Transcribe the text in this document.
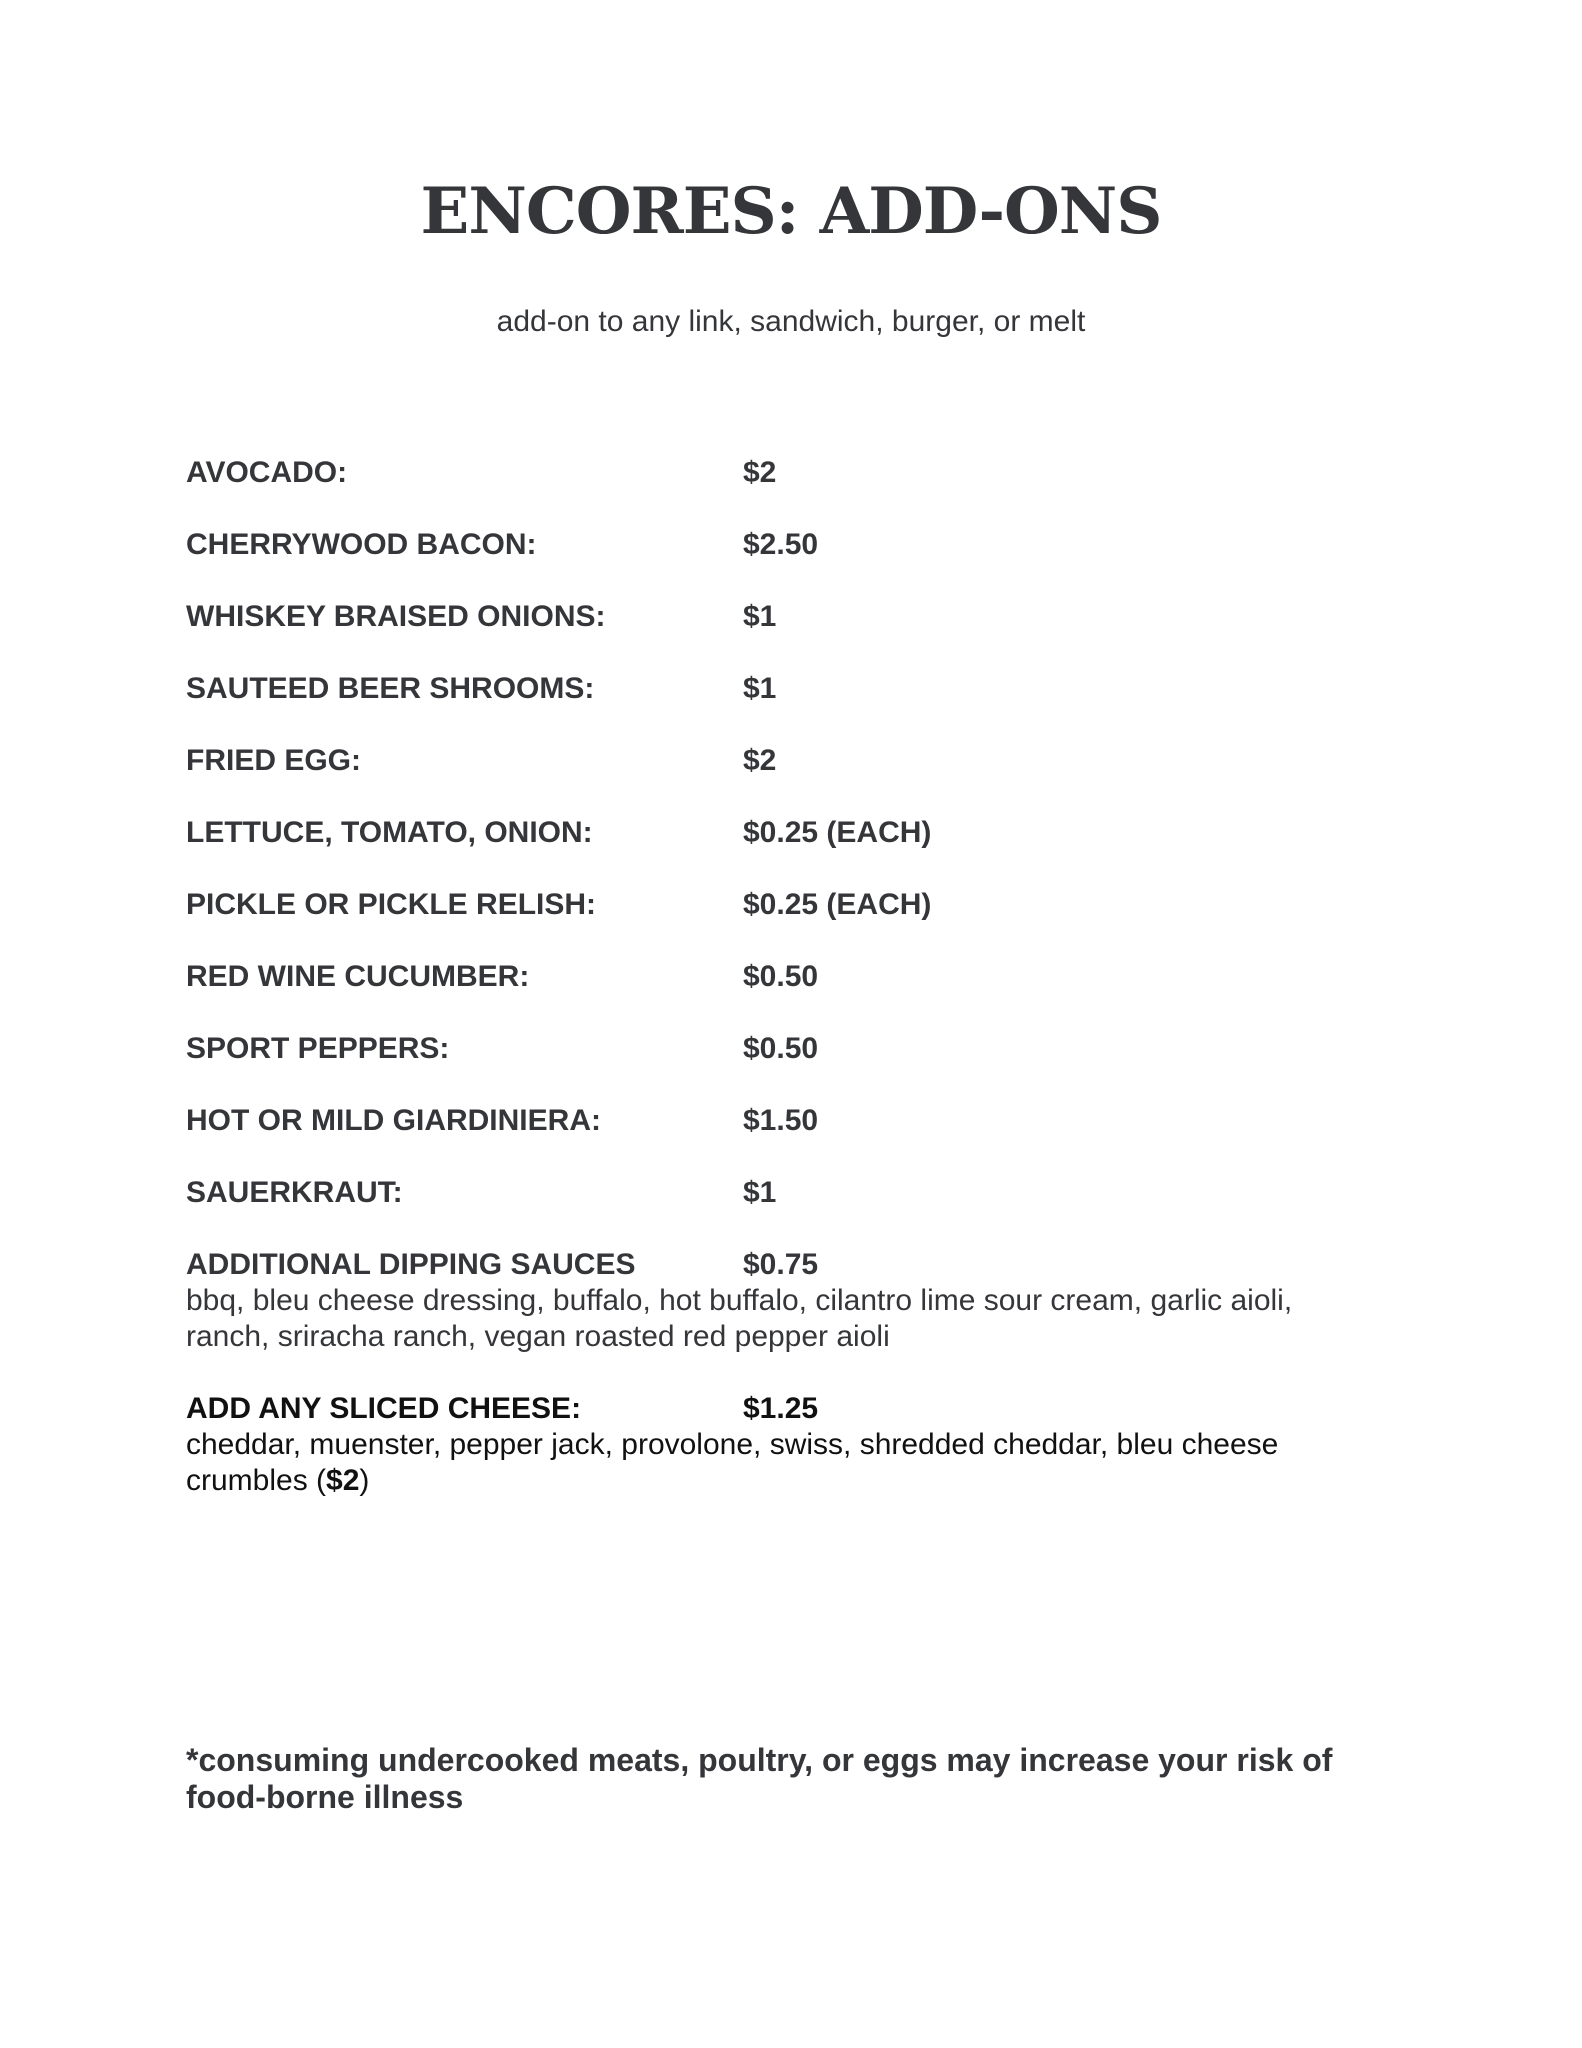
ENCORES: ADD-ONS
add-on to any link, sandwich, burger, or melt
AVOCADO:	$2
CHERRYWOOD BACON:	$2.50
WHISKEY BRAISED ONIONS:	$1
SAUTEED BEER SHROOMS:	$1
FRIED EGG:	$2
LETTUCE, TOMATO, ONION:	$0.25 (EACH)
PICKLE OR PICKLE RELISH:	$0.25 (EACH)
RED WINE CUCUMBER:	$0.50
SPORT PEPPERS:	$0.50
HOT OR MILD GIARDINIERA:	$1.50
SAUERKRAUT:	$1
ADDITIONAL DIPPING SAUCES	$0.75
bbq, bleu cheese dressing, buffalo, hot buffalo, cilantro lime sour cream, garlic aioli, ranch, sriracha ranch, vegan roasted red pepper aioli
ADD ANY SLICED CHEESE:	$1.25
cheddar, muenster, pepper jack, provolone, swiss, shredded cheddar, bleu cheese crumbles ($2)
*consuming undercooked meats, poultry, or eggs may increase your risk of food-borne illness
